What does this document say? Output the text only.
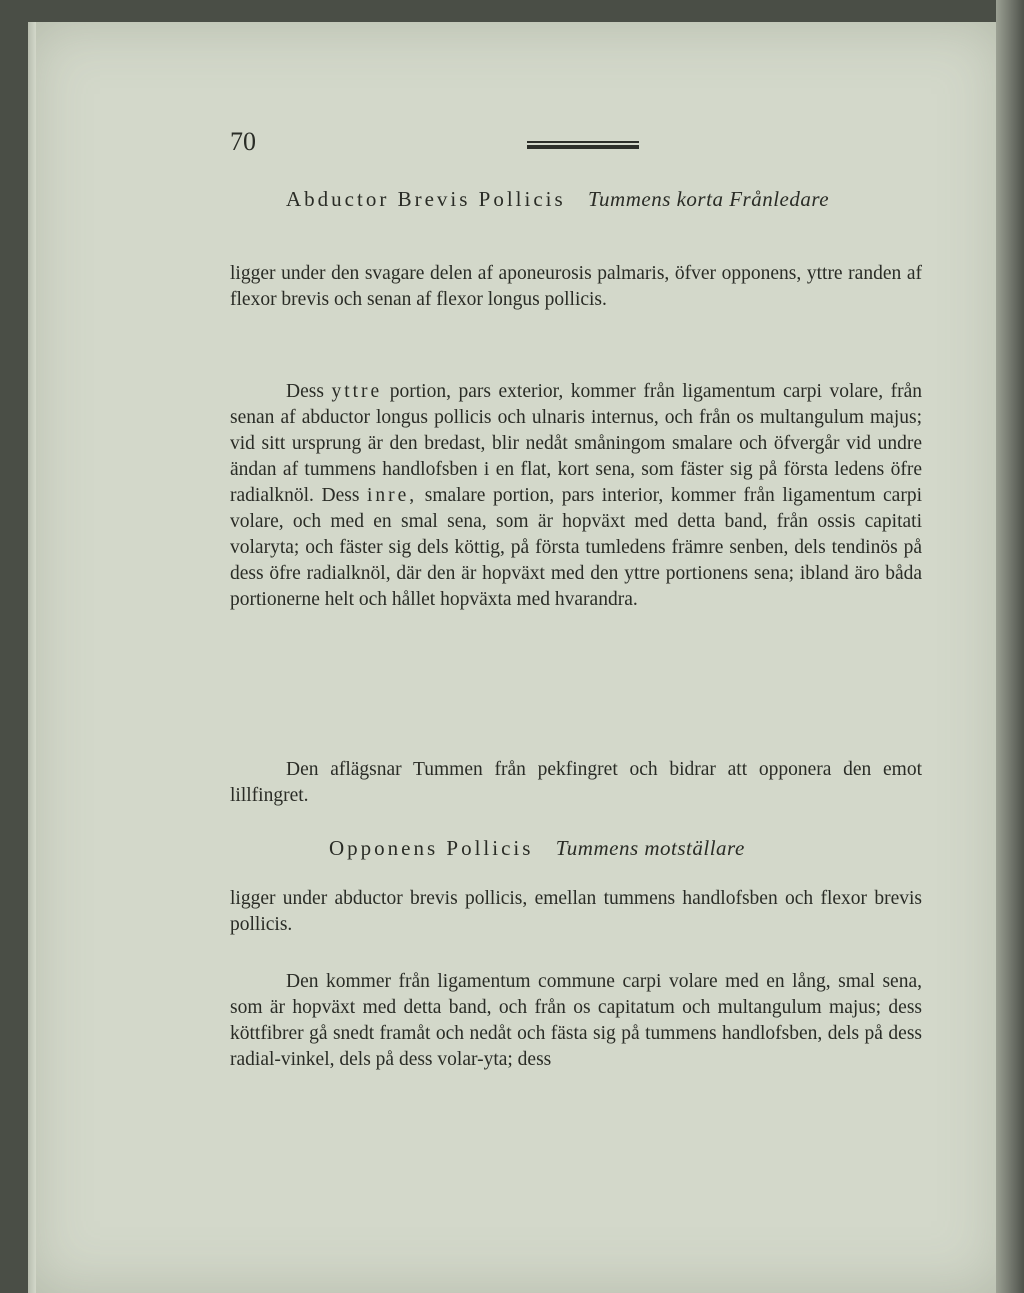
70
Abductor Brevis Pollicis Tummens korta Frånledare
ligger under den svagare delen af aponeurosis palmaris, öfver opponens, yttre randen af flexor brevis och senan af flexor longus pollicis.
Dess yttre portion, pars exterior, kommer från ligamentum carpi volare, från senan af abductor longus pollicis och ulnaris internus, och från os multangulum majus; vid sitt ursprung är den bredast, blir nedåt småningom smalare och öfvergår vid undre ändan af tummens handlofsben i en flat, kort sena, som fäster sig på första ledens öfre radialknöl. Dess inre, smalare portion, pars interior, kommer från ligamentum carpi volare, och med en smal sena, som är hopväxt med detta band, från ossis capitati volaryta; och fäster sig dels köttig, på första tumledens främre senben, dels tendinös på dess öfre radialknöl, där den är hopväxt med den yttre portionens sena; ibland äro båda portionerne helt och hållet hopväxta med hvarandra.
Den aflägsnar Tummen från pekfingret och bidrar att opponera den emot lillfingret.
Opponens Pollicis Tummens motställare
ligger under abductor brevis pollicis, emellan tummens handlofsben och flexor brevis pollicis.
Den kommer från ligamentum commune carpi volare med en lång, smal sena, som är hopväxt med detta band, och från os capitatum och multangulum majus; dess köttfibrer gå snedt framåt och nedåt och fästa sig på tummens handlofsben, dels på dess radial-vinkel, dels på dess volar-yta; dess
